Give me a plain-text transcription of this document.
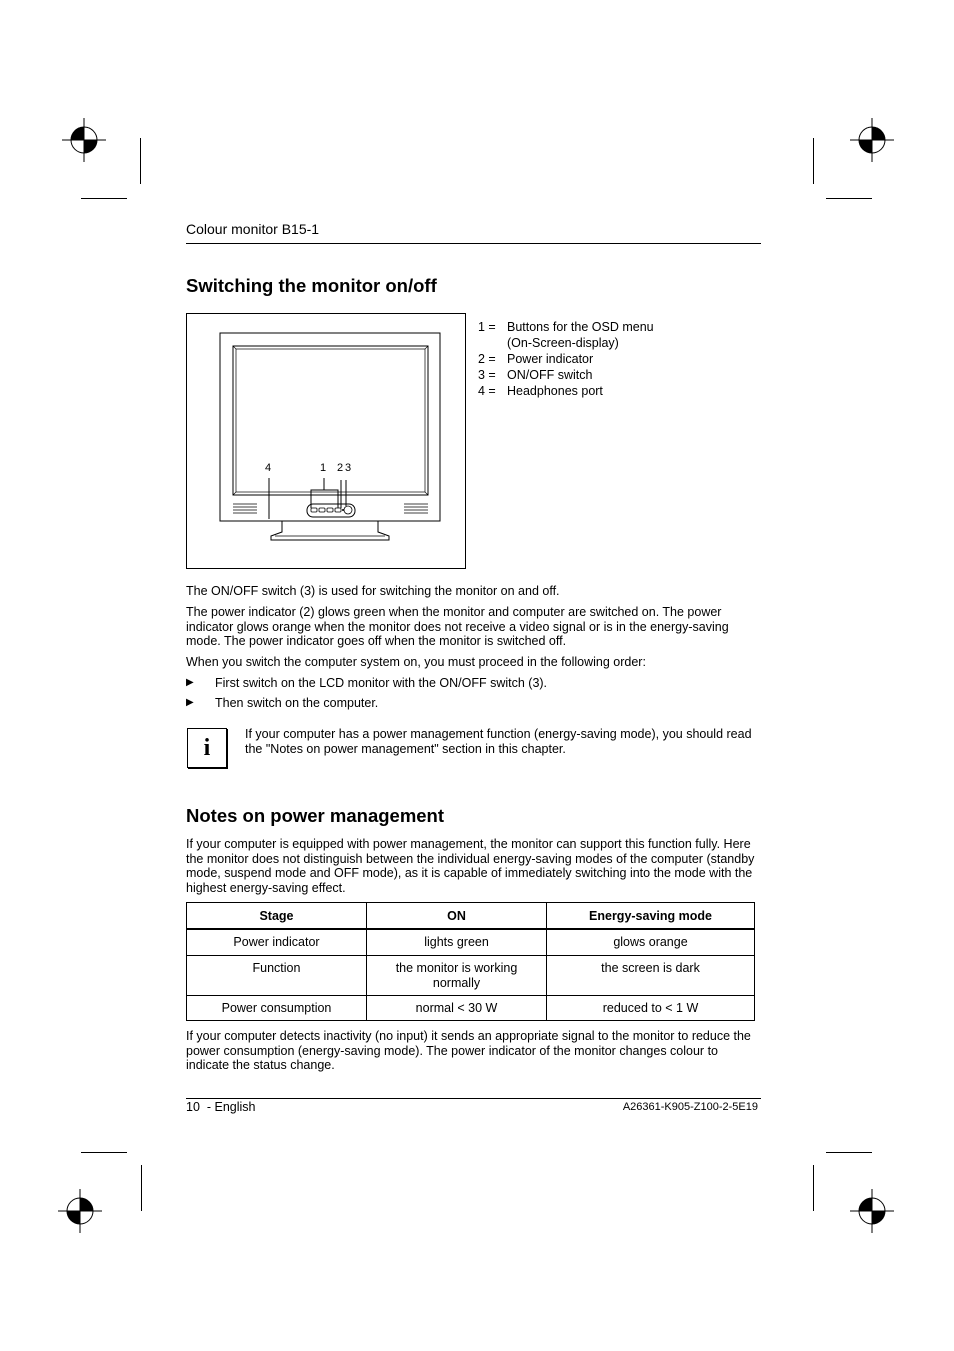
Colour monitor B15-1
Switching the monitor on/off
4	1 2 3
1 = Buttons for the OSD menu
(On-Screen-display)
2 = Power indicator
3 = ON/OFF switch
4 = Headphones port
The ON/OFF switch (3) is used for switching the monitor on and off.
The power indicator (2) glows green when the monitor and computer are switched on. The power indicator glows orange when the monitor does not receive a video signal or is in the energy-saving mode. The power indicator goes off when the monitor is switched off.
When you switch the computer system on, you must proceed in the following order:
▶	First switch on the LCD monitor with the ON/OFF switch (3).
▶	Then switch on the computer.
i
If your computer has a power management function (energy-saving mode), you should read the "Notes on power management" section in this chapter.
Notes on power management
If your computer is equipped with power management, the monitor can support this function fully. Here the monitor does not distinguish between the individual energy-saving modes of the computer (standby mode, suspend mode and OFF mode), as it is capable of immediately switching into the mode with the highest energy-saving effect.
Stage	ON	Energy-saving mode
Power indicator	lights green	glows orange
Function	the monitor is working normally	the screen is dark
Power consumption	normal < 30 W	reduced to < 1 W
If your computer detects inactivity (no input) it sends an appropriate signal to the monitor to reduce the power consumption (energy-saving mode). The power indicator of the monitor changes colour to indicate the status change.
10  - English	A26361-K905-Z100-2-5E19
